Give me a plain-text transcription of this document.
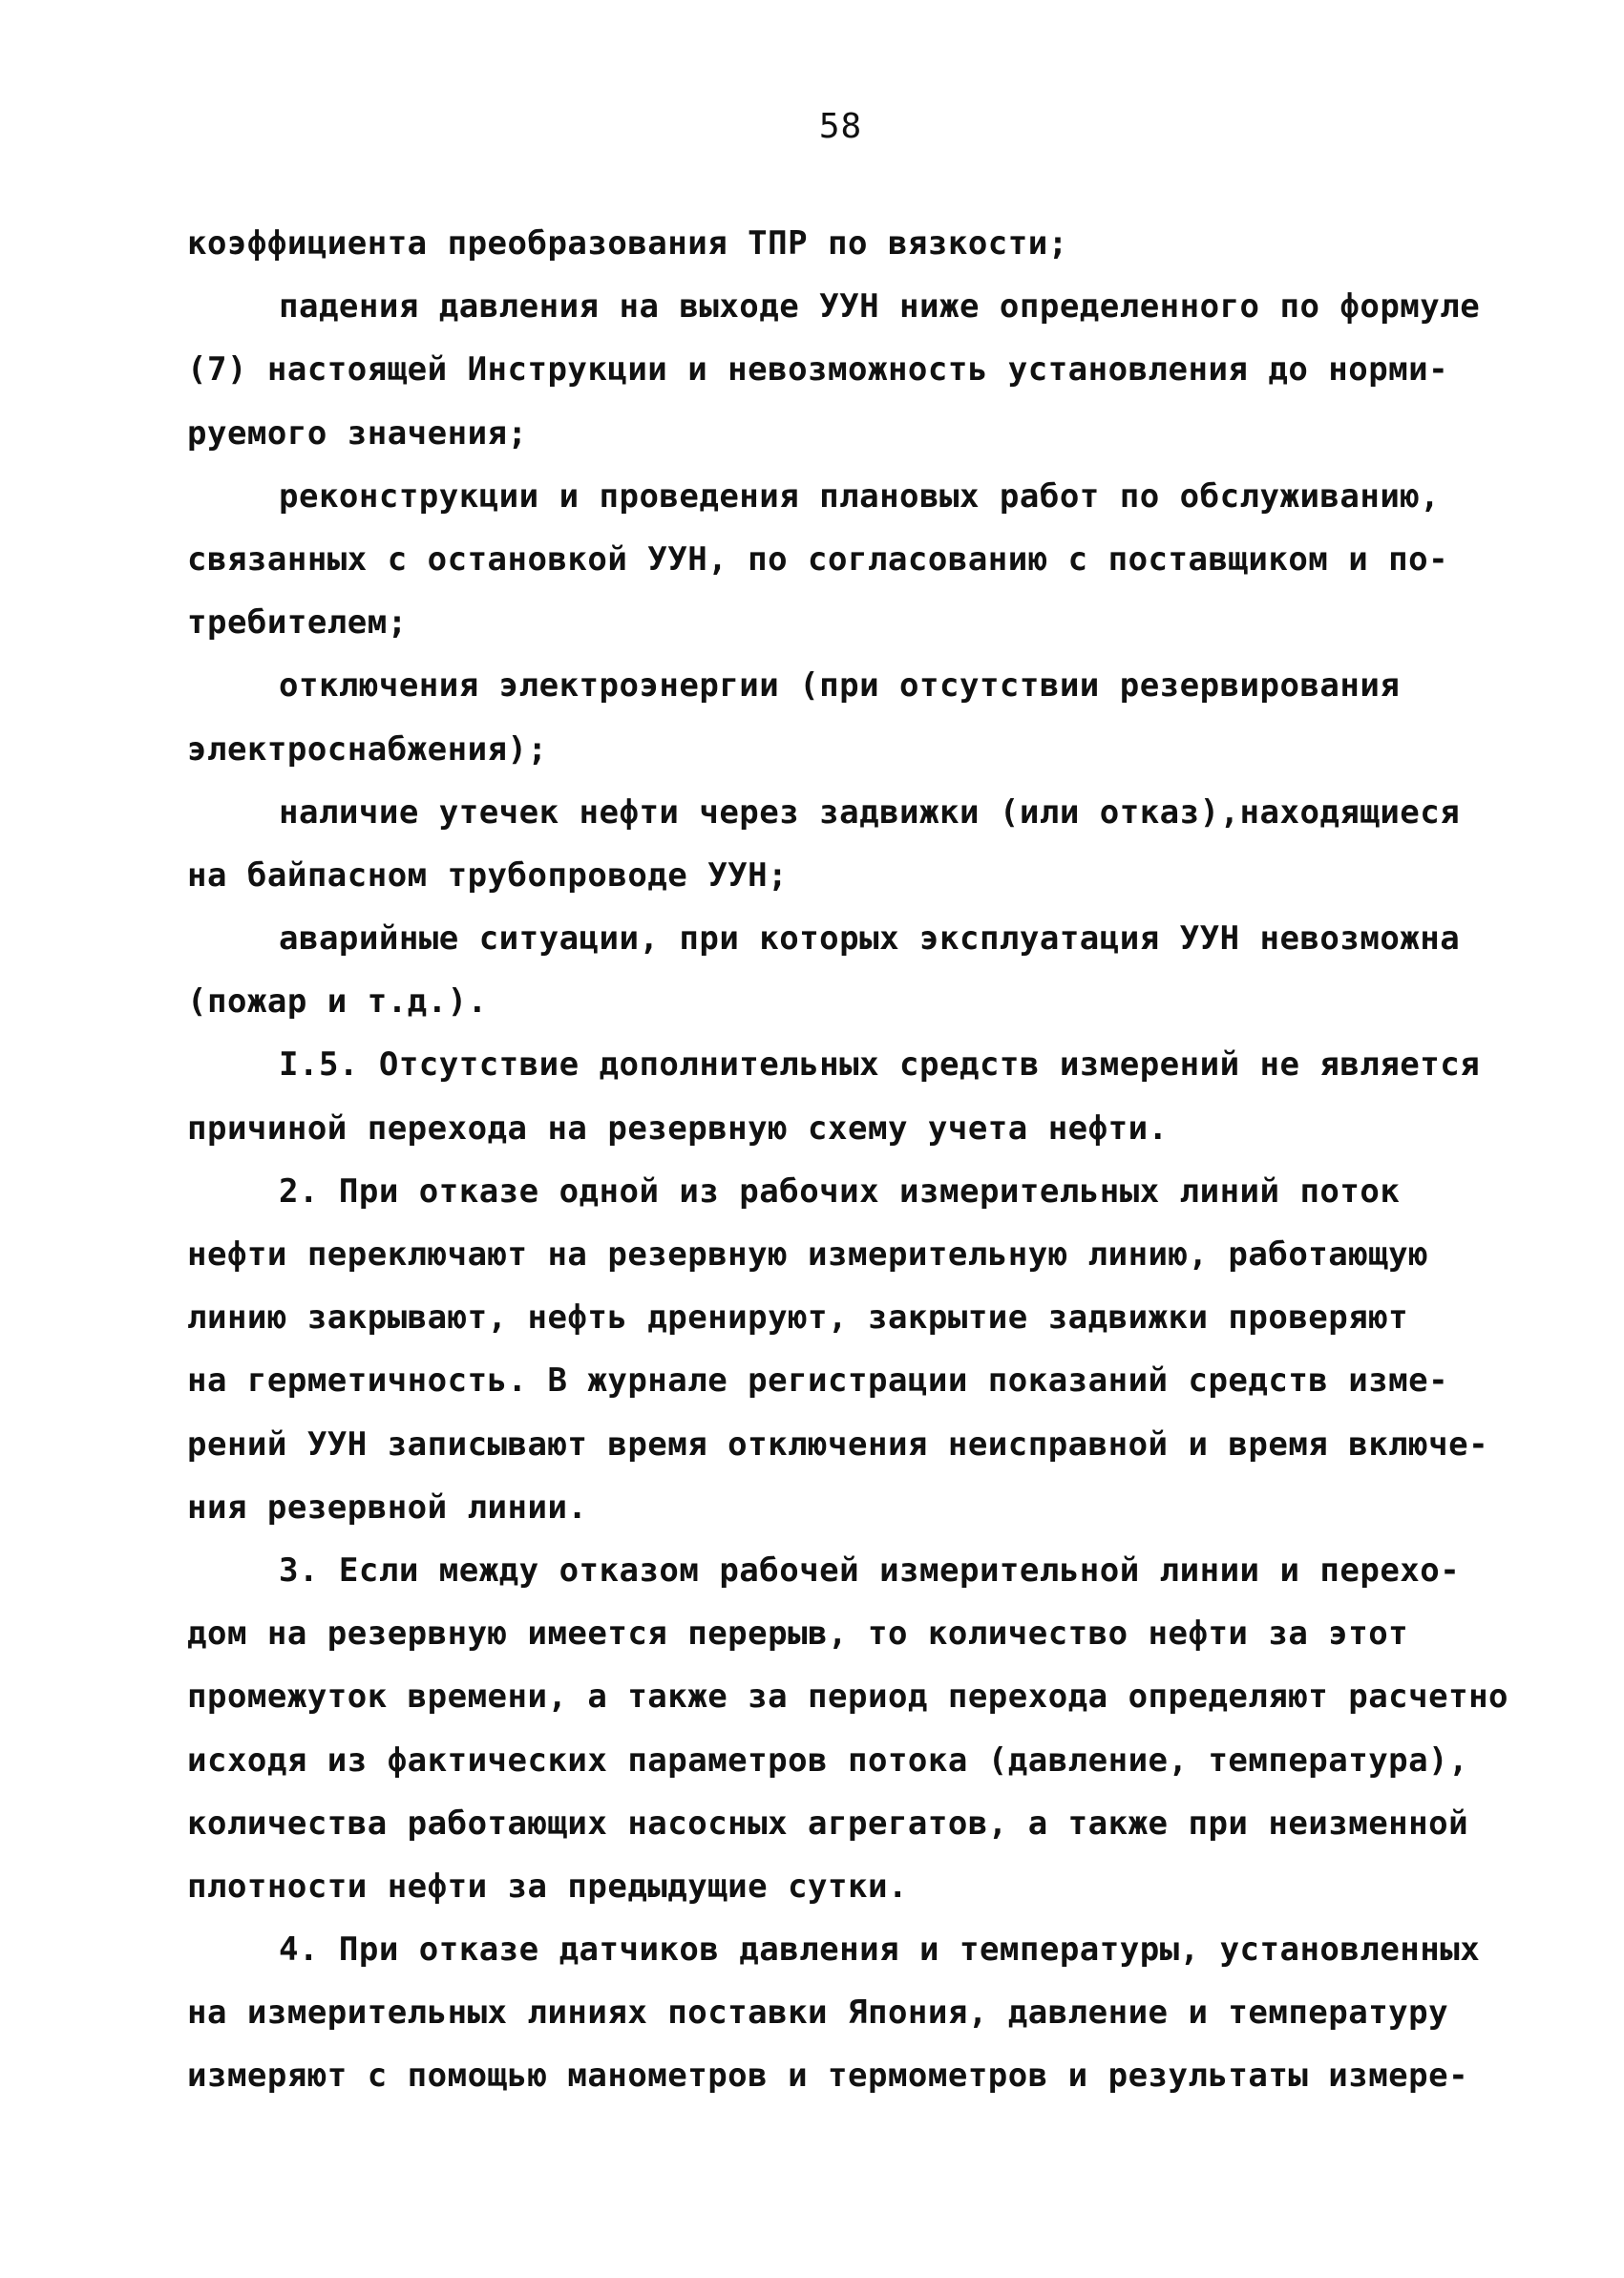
58
коэффициента преобразования ТПР по вязкости;
падения давления на выходе УУН ниже определенного по формуле
(7) настоящей Инструкции и невозможность установления до норми-
руемого значения;
реконструкции и проведения плановых работ по обслуживанию,
связанных с остановкой УУН, по согласованию с поставщиком и по-
требителем;
отключения электроэнергии (при отсутствии резервирования
электроснабжения);
наличие утечек нефти через задвижки (или отказ),находящиеся
на байпасном трубопроводе УУН;
аварийные ситуации, при которых эксплуатация УУН невозможна
(пожар и т.д.).
I.5. Отсутствие дополнительных средств измерений не является
причиной перехода на резервную схему учета нефти.
2. При отказе одной из рабочих измерительных линий поток
нефти переключают на резервную измерительную линию, работающую
линию закрывают, нефть дренируют, закрытие задвижки проверяют
на герметичность. В журнале регистрации показаний средств изме-
рений УУН записывают время отключения неисправной и время включе-
ния резервной линии.
3. Если между отказом рабочей измерительной линии и перехо-
дом на резервную имеется перерыв, то количество нефти за этот
промежуток времени, а также за период перехода определяют расчетно
исходя из фактических параметров потока (давление, температура),
количества работающих насосных агрегатов, а также при неизменной
плотности нефти за предыдущие сутки.
4. При отказе датчиков давления и температуры, установленных
на измерительных линиях поставки Япония, давление и температуру
измеряют с помощью манометров и термометров и результаты измере-
